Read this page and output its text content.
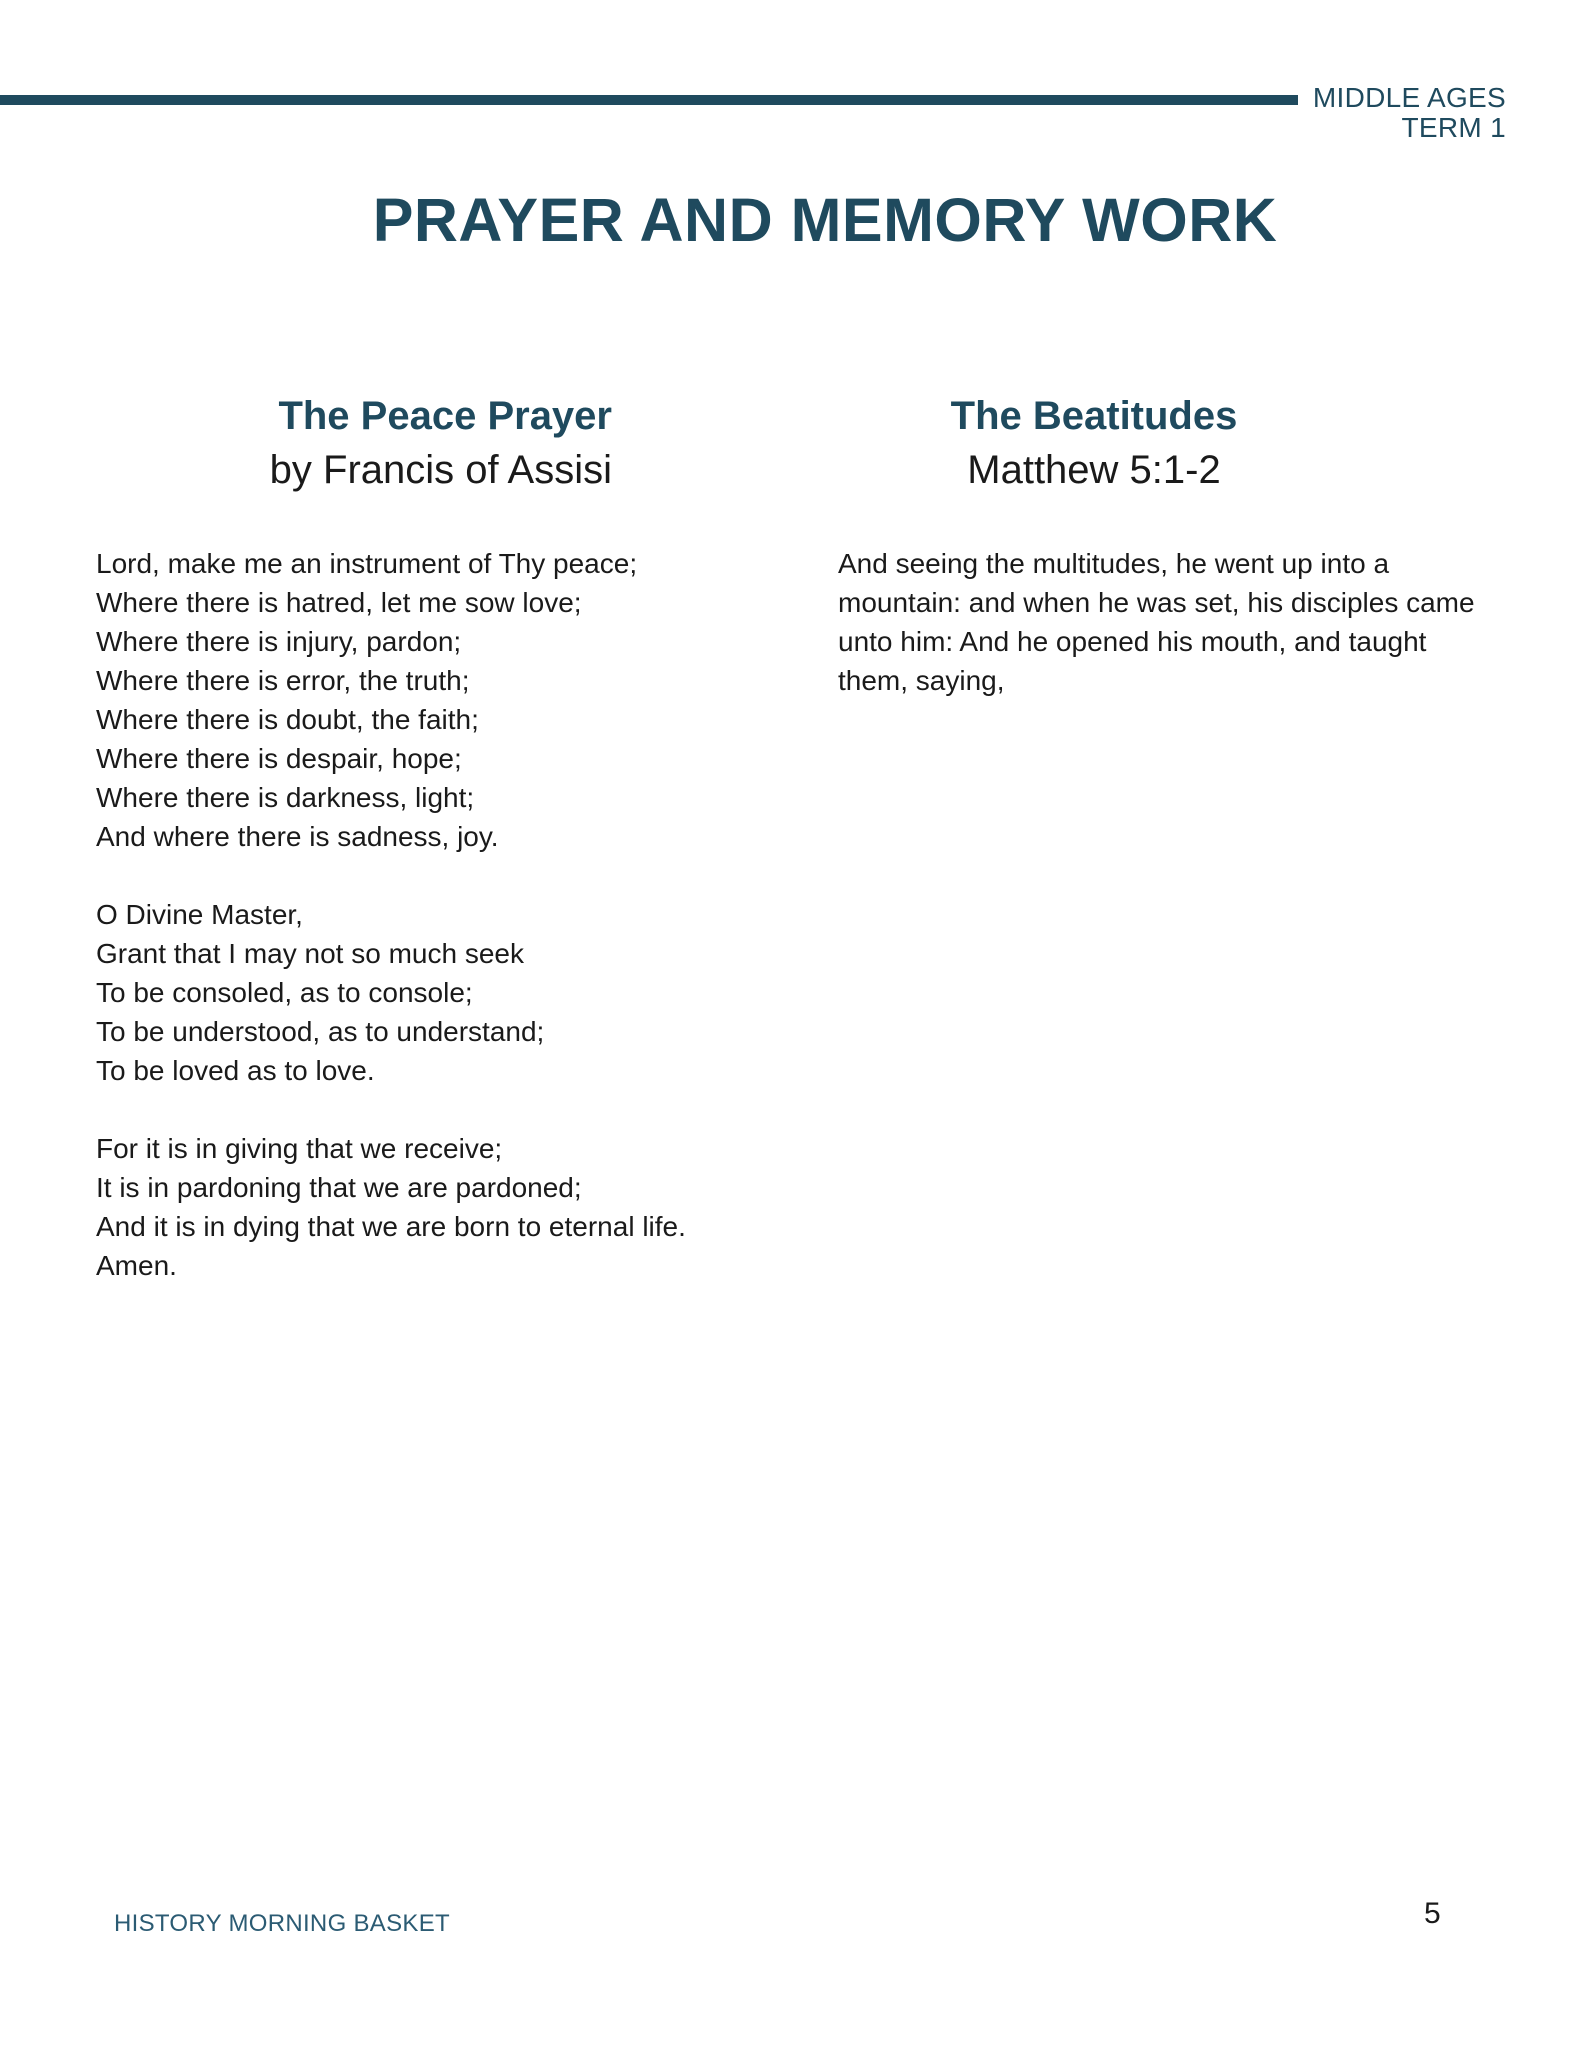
MIDDLE AGES
TERM 1
PRAYER AND MEMORY WORK
The Peace Prayer

by Francis of Assisi

Lord, make me an instrument of Thy peace;
Where there is hatred, let me sow love;
Where there is injury, pardon;
Where there is error, the truth;
Where there is doubt, the faith;
Where there is despair, hope;
Where there is darkness, light;
And where there is sadness, joy.

O Divine Master,
Grant that I may not so much seek
To be consoled, as to console;
To be understood, as to understand;
To be loved as to love.

For it is in giving that we receive;
It is in pardoning that we are pardoned;
And it is in dying that we are born to eternal life.
Amen.

The Beatitudes

Matthew 5:1-2

And seeing the multitudes, he went up into a mountain: and when he was set, his disciples came unto him: And he opened his mouth, and taught them, saying,

HISTORY MORNING BASKET	5
